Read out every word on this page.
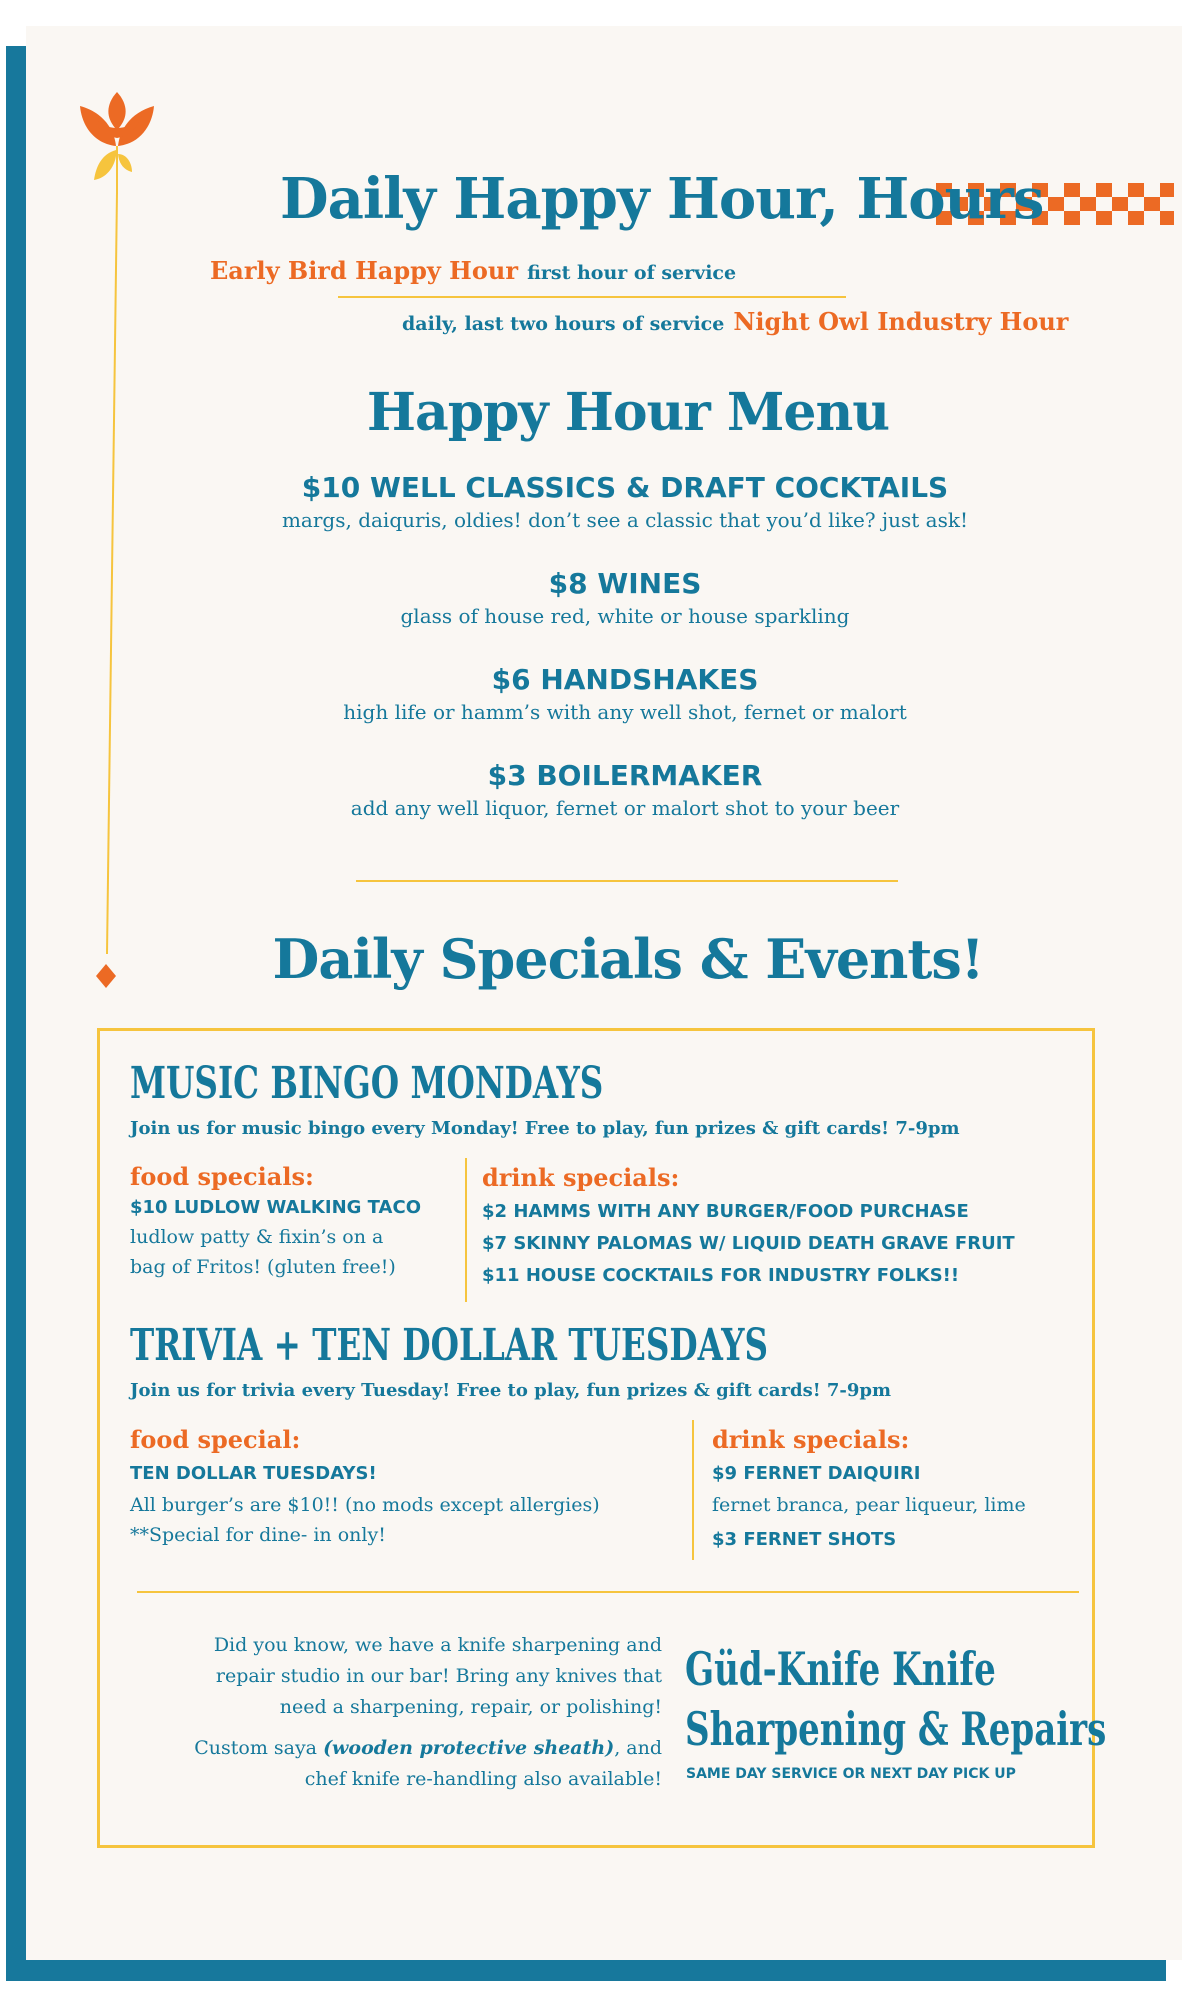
Daily Happy Hour, Hours
Early Bird Happy Hour first hour of service
daily, last two hours of service Night Owl Industry Hour
Happy Hour Menu
$10 WELL CLASSICS & DRAFT COCKTAILS
margs, daiquris, oldies! don’t see a classic that you’d like? just ask!
$8 WINES
glass of house red, white or house sparkling
$6 HANDSHAKES
high life or hamm’s with any well shot, fernet or malort
$3 BOILERMAKER
add any well liquor, fernet or malort shot to your beer
Daily Specials & Events!
MUSIC BINGO MONDAYS
Join us for music bingo every Monday! Free to play, fun prizes & gift cards! 7-9pm
food specials:
$10 LUDLOW WALKING TACO
ludlow patty & fixin’s on a
bag of Fritos! (gluten free!)
drink specials:
$2 HAMMS WITH ANY BURGER/FOOD PURCHASE
$7 SKINNY PALOMAS W/ LIQUID DEATH GRAVE FRUIT
$11 HOUSE COCKTAILS FOR INDUSTRY FOLKS!!
TRIVIA + TEN DOLLAR TUESDAYS
Join us for trivia every Tuesday! Free to play, fun prizes & gift cards! 7-9pm
food special:
TEN DOLLAR TUESDAYS!
All burger’s are $10!! (no mods except allergies)
**Special for dine- in only!
drink specials:
$9 FERNET DAIQUIRI
fernet branca, pear liqueur, lime
$3 FERNET SHOTS
Did you know, we have a knife sharpening and
repair studio in our bar! Bring any knives that
need a sharpening, repair, or polishing!
Custom saya (wooden protective sheath), and
chef knife re-handling also available!
Güd-Knife Knife
Sharpening & Repairs
SAME DAY SERVICE OR NEXT DAY PICK UP
